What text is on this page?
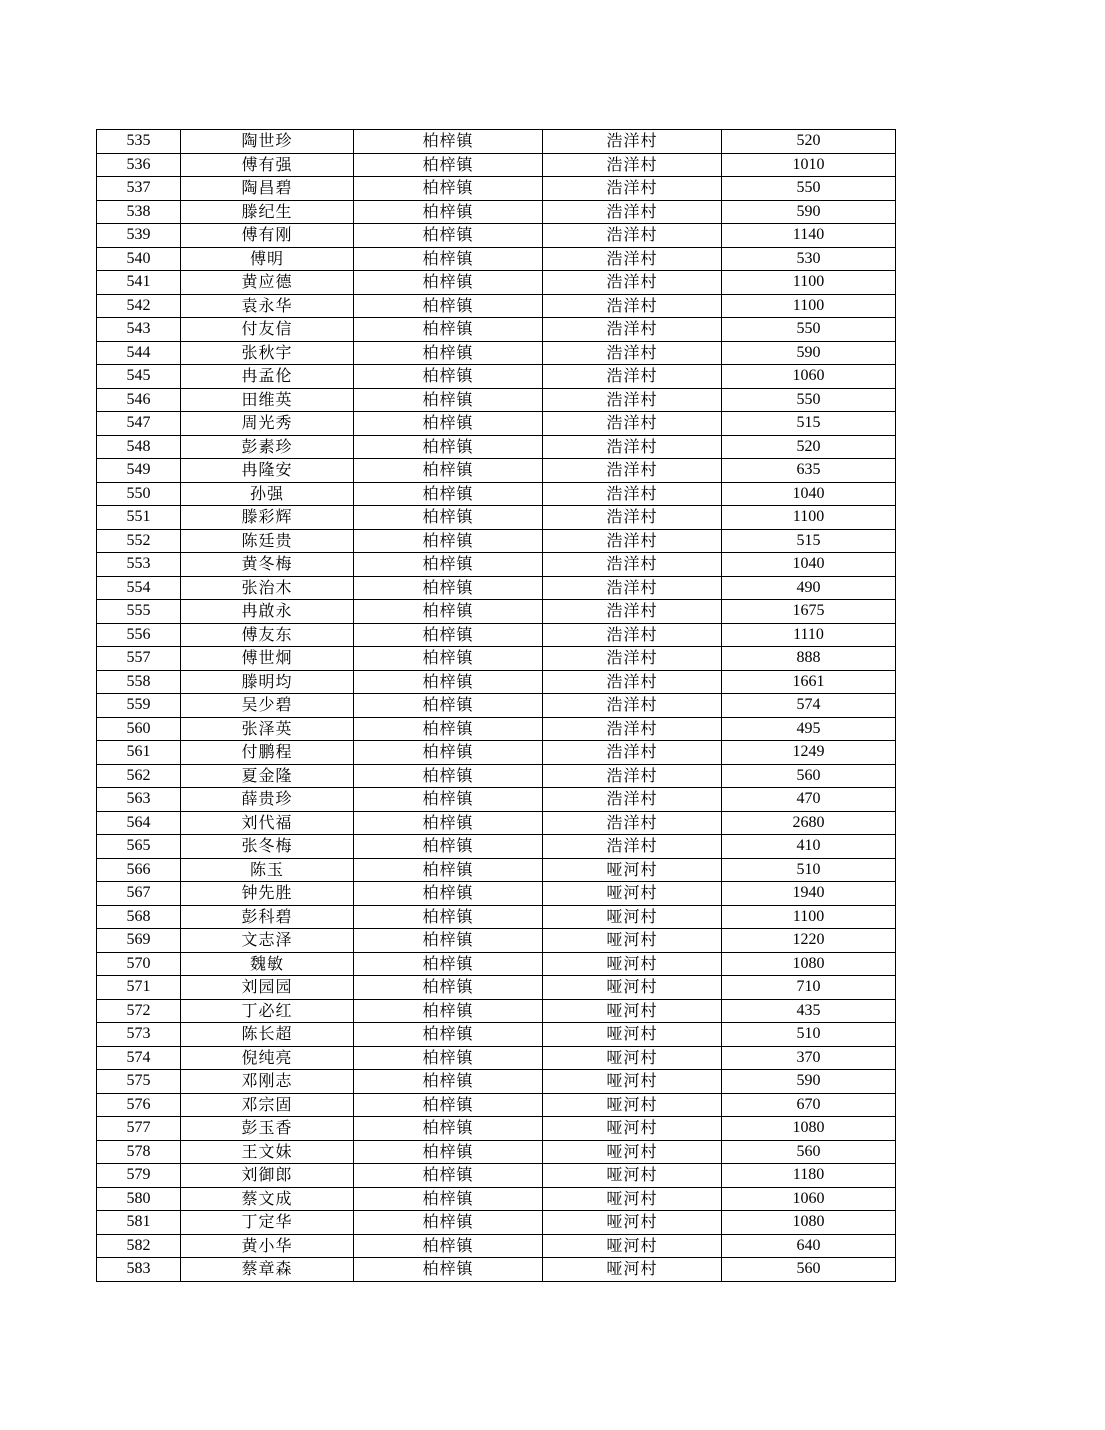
535	陶世珍	柏梓镇	浩洋村	520
536	傅有强	柏梓镇	浩洋村	1010
537	陶昌碧	柏梓镇	浩洋村	550
538	滕纪生	柏梓镇	浩洋村	590
539	傅有刚	柏梓镇	浩洋村	1140
540	傅明	柏梓镇	浩洋村	530
541	黄应德	柏梓镇	浩洋村	1100
542	袁永华	柏梓镇	浩洋村	1100
543	付友信	柏梓镇	浩洋村	550
544	张秋宇	柏梓镇	浩洋村	590
545	冉孟伦	柏梓镇	浩洋村	1060
546	田维英	柏梓镇	浩洋村	550
547	周光秀	柏梓镇	浩洋村	515
548	彭素珍	柏梓镇	浩洋村	520
549	冉隆安	柏梓镇	浩洋村	635
550	孙强	柏梓镇	浩洋村	1040
551	滕彩辉	柏梓镇	浩洋村	1100
552	陈廷贵	柏梓镇	浩洋村	515
553	黄冬梅	柏梓镇	浩洋村	1040
554	张治木	柏梓镇	浩洋村	490
555	冉啟永	柏梓镇	浩洋村	1675
556	傅友东	柏梓镇	浩洋村	1110
557	傅世炯	柏梓镇	浩洋村	888
558	滕明均	柏梓镇	浩洋村	1661
559	吴少碧	柏梓镇	浩洋村	574
560	张泽英	柏梓镇	浩洋村	495
561	付鹏程	柏梓镇	浩洋村	1249
562	夏金隆	柏梓镇	浩洋村	560
563	薛贵珍	柏梓镇	浩洋村	470
564	刘代福	柏梓镇	浩洋村	2680
565	张冬梅	柏梓镇	浩洋村	410
566	陈玉	柏梓镇	哑河村	510
567	钟先胜	柏梓镇	哑河村	1940
568	彭科碧	柏梓镇	哑河村	1100
569	文志泽	柏梓镇	哑河村	1220
570	魏敏	柏梓镇	哑河村	1080
571	刘园园	柏梓镇	哑河村	710
572	丁必红	柏梓镇	哑河村	435
573	陈长超	柏梓镇	哑河村	510
574	倪纯亮	柏梓镇	哑河村	370
575	邓刚志	柏梓镇	哑河村	590
576	邓宗固	柏梓镇	哑河村	670
577	彭玉香	柏梓镇	哑河村	1080
578	王文妹	柏梓镇	哑河村	560
579	刘御郎	柏梓镇	哑河村	1180
580	蔡文成	柏梓镇	哑河村	1060
581	丁定华	柏梓镇	哑河村	1080
582	黄小华	柏梓镇	哑河村	640
583	蔡章森	柏梓镇	哑河村	560
